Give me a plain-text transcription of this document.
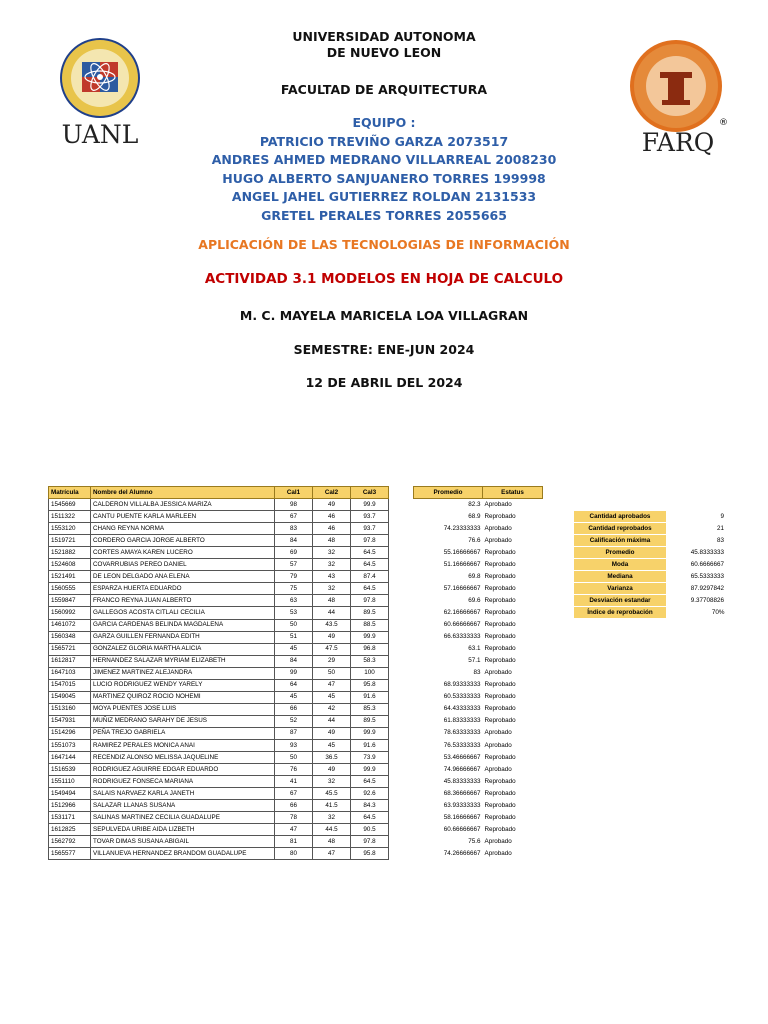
UANL	FARQ
®
UNIVERSIDAD AUTONOMA
DE NUEVO LEON
FACULTAD DE ARQUITECTURA
EQUIPO :
PATRICIO TREVIÑO GARZA 2073517
ANDRES AHMED MEDRANO VILLARREAL 2008230
HUGO ALBERTO SANJUANERO TORRES 199998
ANGEL JAHEL GUTIERREZ ROLDAN 2131533
GRETEL PERALES TORRES 2055665
APLICACIÓN DE LAS TECNOLOGIAS DE INFORMACIÓN
ACTIVIDAD 3.1 MODELOS EN HOJA DE CALCULO
M. C. MAYELA MARICELA LOA VILLAGRAN
SEMESTRE: ENE-JUN 2024
12 DE ABRIL DEL 2024
Matrícula	Nombre del Alumno	Cal1	Cal2	Cal3		Promedio	Estatus
1545669	CALDERON VILLALBA JESSICA MARIZA	98	49	99.9		82.3	Aprobado
1511322	CANTU PUENTE KARLA MARLEEN	67	46	93.7		68.9	Reprobado
1553120	CHANG REYNA NORMA	83	46	93.7		74.23333333	Aprobado
1519721	CORDERO GARCIA JORGE ALBERTO	84	48	97.8		76.6	Aprobado
1521882	CORTES AMAYA KAREN LUCERO	69	32	64.5		55.16666667	Reprobado
1524608	COVARRUBIAS PEREO DANIEL	57	32	64.5		51.16666667	Reprobado
1521491	DE LEON DELGADO ANA ELENA	79	43	87.4		69.8	Reprobado
1560555	ESPARZA HUERTA EDUARDO	75	32	64.5		57.16666667	Reprobado
1559847	FRANCO REYNA JUAN ALBERTO	63	48	97.8		69.6	Reprobado
1560992	GALLEGOS ACOSTA CITLALI CECILIA	53	44	89.5		62.16666667	Reprobado
1461072	GARCIA CARDENAS BELINDA MAGDALENA	50	43.5	88.5		60.66666667	Reprobado
1560348	GARZA GUILLEN FERNANDA EDITH	51	49	99.9		66.63333333	Reprobado
1565721	GONZALEZ GLORIA MARTHA ALICIA	45	47.5	96.8		63.1	Reprobado
1612817	HERNANDEZ SALAZAR MYRIAM ELIZABETH	84	29	58.3		57.1	Reprobado
1647103	JIMENEZ MARTINEZ ALEJANDRA	99	50	100		83	Aprobado
1547015	LUCIO RODRIGUEZ WENDY YARELY	64	47	95.8		68.93333333	Reprobado
1549045	MARTINEZ QUIROZ ROCIO NOHEMI	45	45	91.6		60.53333333	Reprobado
1513160	MOYA PUENTES JOSE LUIS	66	42	85.3		64.43333333	Reprobado
1547931	MUÑIZ MEDRANO SARAHY DE JESUS	52	44	89.5		61.83333333	Reprobado
1514296	PEÑA TREJO GABRIELA	87	49	99.9		78.63333333	Aprobado
1551073	RAMIREZ PERALES MONICA ANAI	93	45	91.6		76.53333333	Aprobado
1647144	RECENDIZ ALONSO MELISSA JAQUELINE	50	36.5	73.9		53.46666667	Reprobado
1516539	RODRIGUEZ AGUIRRE EDGAR EDUARDO	76	49	99.9		74.96666667	Aprobado
1551110	RODRIGUEZ FONSECA MARIANA	41	32	64.5		45.83333333	Reprobado
1549494	SALAIS NARVAEZ KARLA JANETH	67	45.5	92.6		68.36666667	Reprobado
1512966	SALAZAR LLANAS SUSANA	66	41.5	84.3		63.93333333	Reprobado
1531171	SALINAS MARTINEZ CECILIA GUADALUPE	78	32	64.5		58.16666667	Reprobado
1612825	SEPULVEDA URIBE AIDA LIZBETH	47	44.5	90.5		60.66666667	Reprobado
1562792	TOVAR DIMAS SUSANA ABIGAIL	81	48	97.8		75.6	Aprobado
1565577	VILLANUEVA HERNANDEZ BRANDOM GUADALUPE	80	47	95.8		74.26666667	Aprobado
Cantidad aprobados	9
Cantidad reprobados	21
Calificación máxima	83
Promedio	45.8333333
Moda	60.6666667
Mediana	65.5333333
Varianza	87.9297842
Desviación estandar	9.37708826
Índice de reprobación	70%
